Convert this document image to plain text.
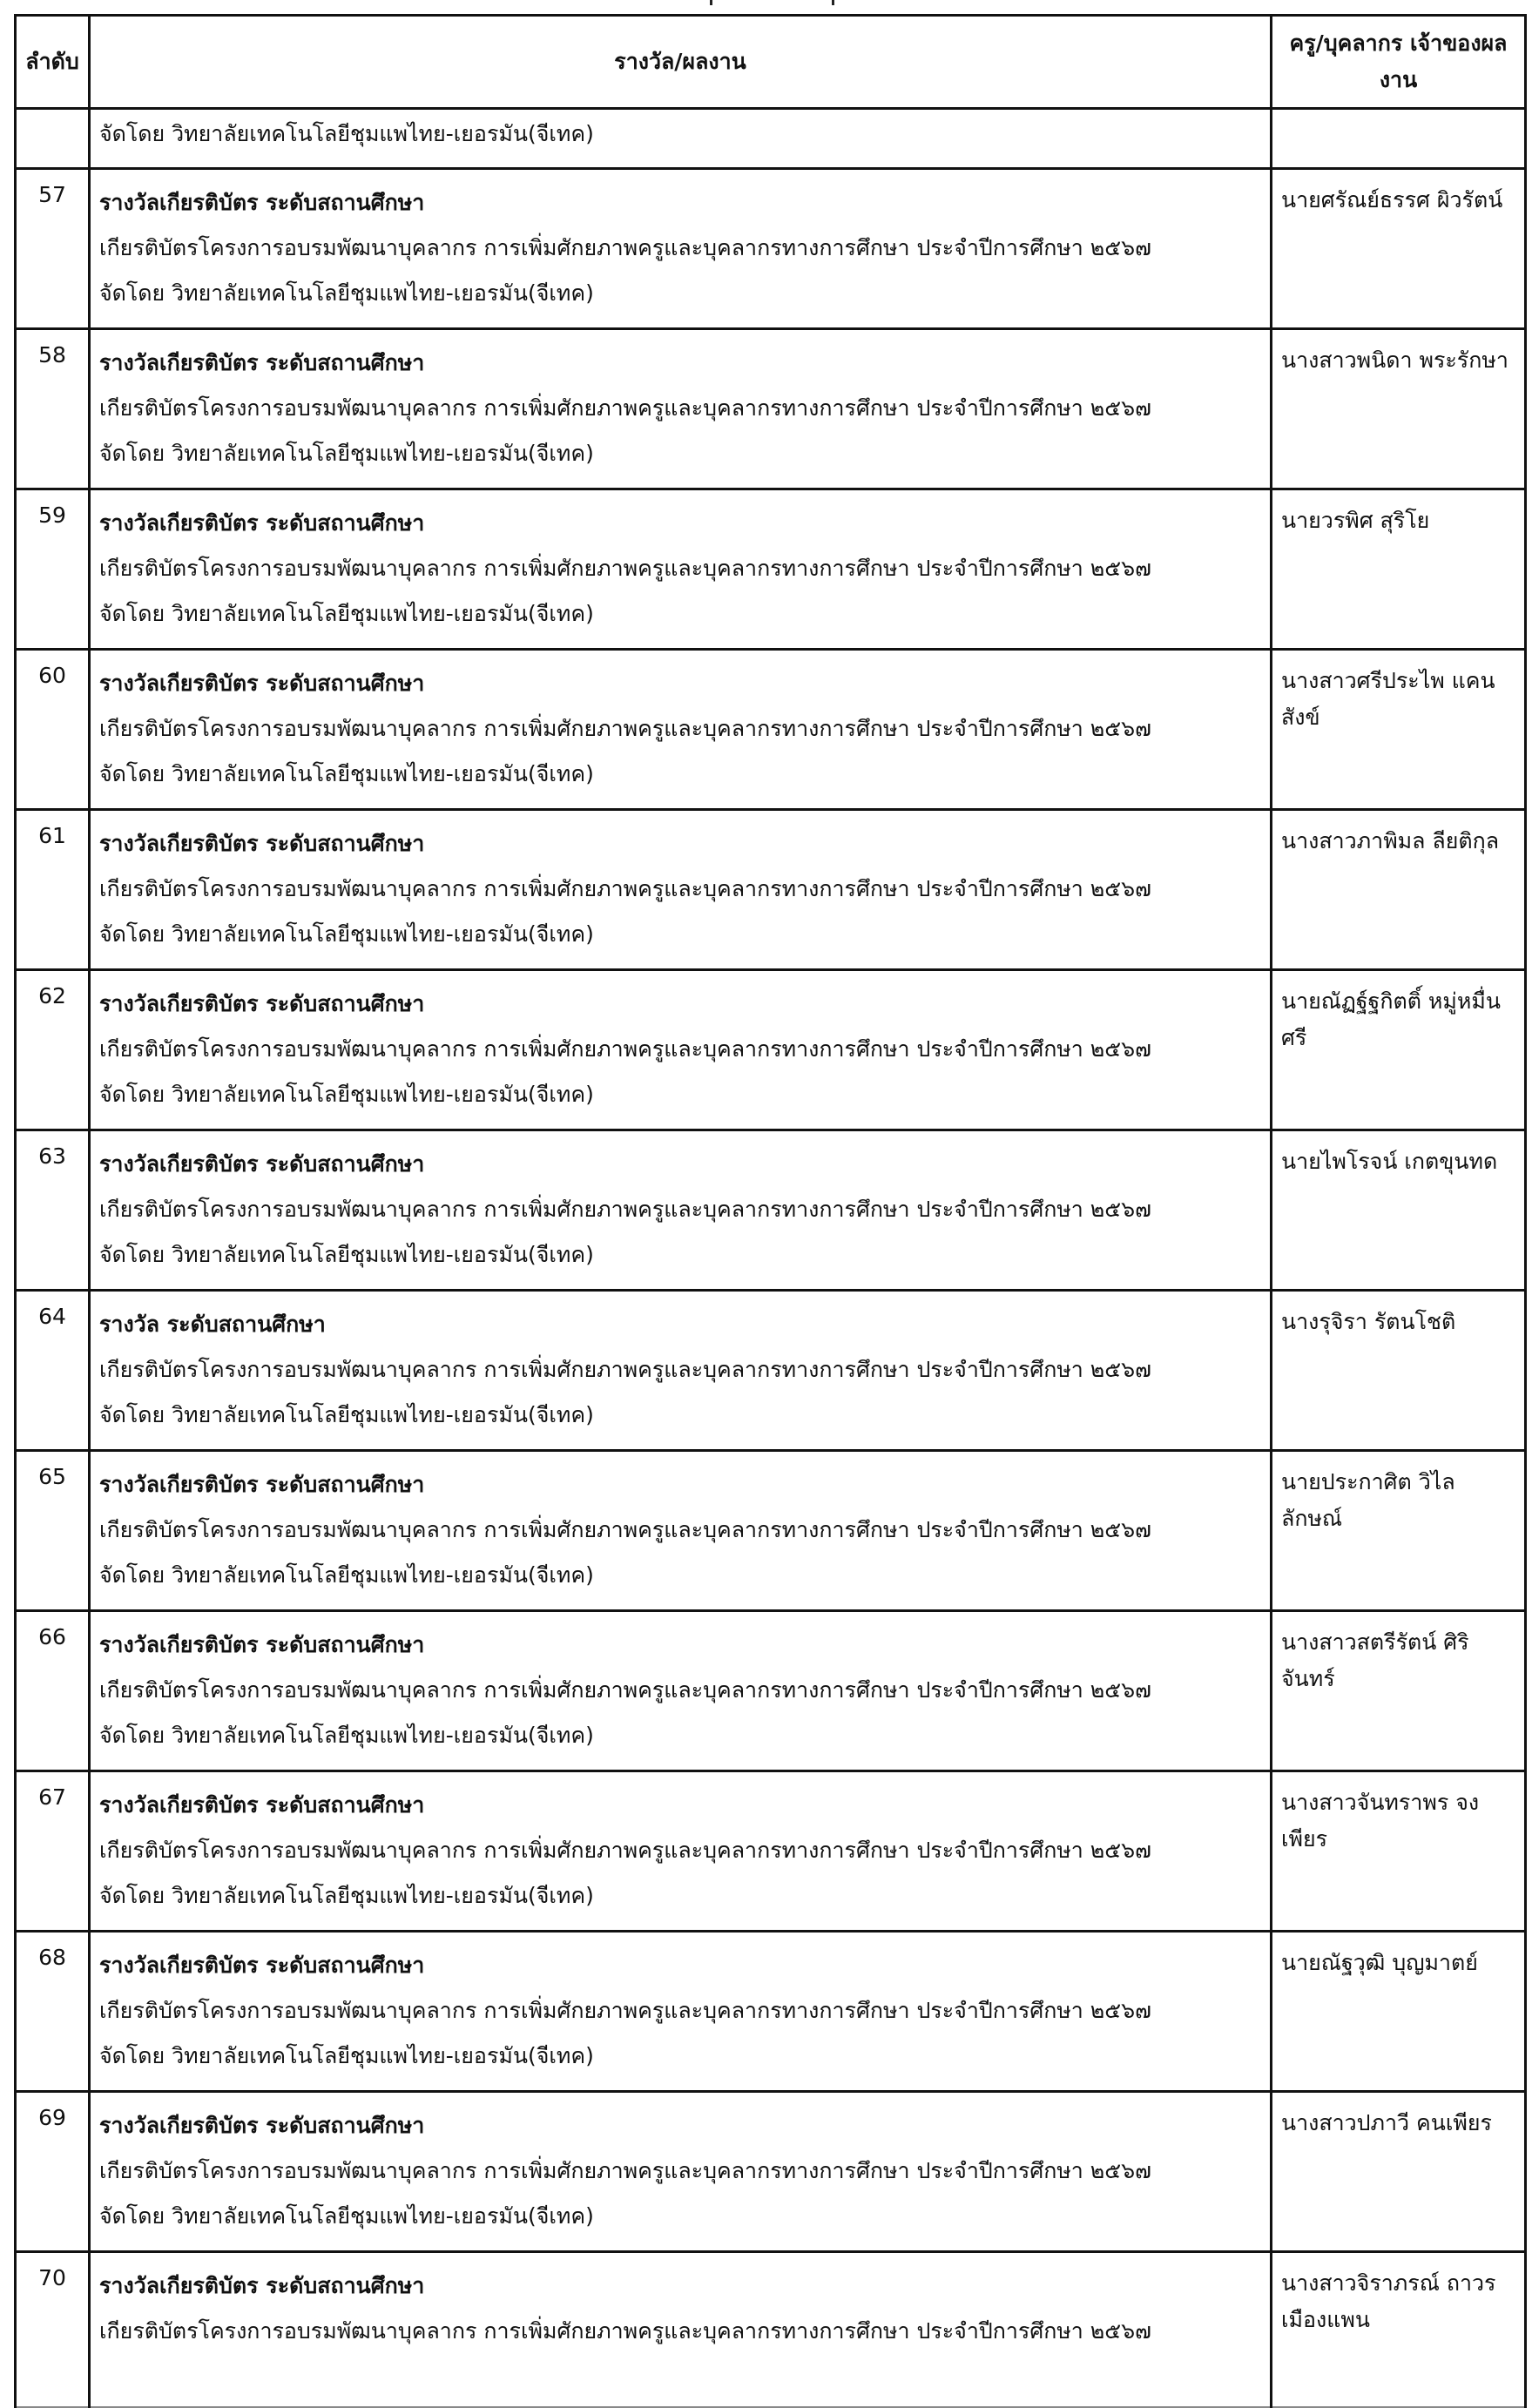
ลำดับ	รางวัล/ผลงาน	ครู/บุคลากร เจ้าของผลงาน

	จัดโดย วิทยาลัยเทคโนโลยีชุมแพไทย-เยอรมัน(จีเทค)	

57	รางวัลเกียรติบัตร ระดับสถานศึกษา
เกียรติบัตรโครงการอบรมพัฒนาบุคลากร การเพิ่มศักยภาพครูและบุคลากรทางการศึกษา ประจำปีการศึกษา ๒๕๖๗
จัดโดย วิทยาลัยเทคโนโลยีชุมแพไทย-เยอรมัน(จีเทค)	นายศรัณย์ธรรศ ผิวรัตน์
58	รางวัลเกียรติบัตร ระดับสถานศึกษา
เกียรติบัตรโครงการอบรมพัฒนาบุคลากร การเพิ่มศักยภาพครูและบุคลากรทางการศึกษา ประจำปีการศึกษา ๒๕๖๗
จัดโดย วิทยาลัยเทคโนโลยีชุมแพไทย-เยอรมัน(จีเทค)	นางสาวพนิดา พระรักษา
59	รางวัลเกียรติบัตร ระดับสถานศึกษา
เกียรติบัตรโครงการอบรมพัฒนาบุคลากร การเพิ่มศักยภาพครูและบุคลากรทางการศึกษา ประจำปีการศึกษา ๒๕๖๗
จัดโดย วิทยาลัยเทคโนโลยีชุมแพไทย-เยอรมัน(จีเทค)	นายวรพิศ สุริโย
60	รางวัลเกียรติบัตร ระดับสถานศึกษา
เกียรติบัตรโครงการอบรมพัฒนาบุคลากร การเพิ่มศักยภาพครูและบุคลากรทางการศึกษา ประจำปีการศึกษา ๒๕๖๗
จัดโดย วิทยาลัยเทคโนโลยีชุมแพไทย-เยอรมัน(จีเทค)	นางสาวศรีประไพ แคนสังข์
61	รางวัลเกียรติบัตร ระดับสถานศึกษา
เกียรติบัตรโครงการอบรมพัฒนาบุคลากร การเพิ่มศักยภาพครูและบุคลากรทางการศึกษา ประจำปีการศึกษา ๒๕๖๗
จัดโดย วิทยาลัยเทคโนโลยีชุมแพไทย-เยอรมัน(จีเทค)	นางสาวภาพิมล ลียติกุล
62	รางวัลเกียรติบัตร ระดับสถานศึกษา
เกียรติบัตรโครงการอบรมพัฒนาบุคลากร การเพิ่มศักยภาพครูและบุคลากรทางการศึกษา ประจำปีการศึกษา ๒๕๖๗
จัดโดย วิทยาลัยเทคโนโลยีชุมแพไทย-เยอรมัน(จีเทค)	นายณัฏฐ์ฐกิตติ์ หมู่หมื่นศรี
63	รางวัลเกียรติบัตร ระดับสถานศึกษา
เกียรติบัตรโครงการอบรมพัฒนาบุคลากร การเพิ่มศักยภาพครูและบุคลากรทางการศึกษา ประจำปีการศึกษา ๒๕๖๗
จัดโดย วิทยาลัยเทคโนโลยีชุมแพไทย-เยอรมัน(จีเทค)	นายไพโรจน์ เกตขุนทด
64	รางวัล ระดับสถานศึกษา
เกียรติบัตรโครงการอบรมพัฒนาบุคลากร การเพิ่มศักยภาพครูและบุคลากรทางการศึกษา ประจำปีการศึกษา ๒๕๖๗
จัดโดย วิทยาลัยเทคโนโลยีชุมแพไทย-เยอรมัน(จีเทค)	นางรุจิรา รัตนโชติ
65	รางวัลเกียรติบัตร ระดับสถานศึกษา
เกียรติบัตรโครงการอบรมพัฒนาบุคลากร การเพิ่มศักยภาพครูและบุคลากรทางการศึกษา ประจำปีการศึกษา ๒๕๖๗
จัดโดย วิทยาลัยเทคโนโลยีชุมแพไทย-เยอรมัน(จีเทค)	นายประกาศิต วิไลลักษณ์
66	รางวัลเกียรติบัตร ระดับสถานศึกษา
เกียรติบัตรโครงการอบรมพัฒนาบุคลากร การเพิ่มศักยภาพครูและบุคลากรทางการศึกษา ประจำปีการศึกษา ๒๕๖๗
จัดโดย วิทยาลัยเทคโนโลยีชุมแพไทย-เยอรมัน(จีเทค)	นางสาวสตรีรัตน์ ศิริจันทร์
67	รางวัลเกียรติบัตร ระดับสถานศึกษา
เกียรติบัตรโครงการอบรมพัฒนาบุคลากร การเพิ่มศักยภาพครูและบุคลากรทางการศึกษา ประจำปีการศึกษา ๒๕๖๗
จัดโดย วิทยาลัยเทคโนโลยีชุมแพไทย-เยอรมัน(จีเทค)	นางสาวจันทราพร จงเพียร
68	รางวัลเกียรติบัตร ระดับสถานศึกษา
เกียรติบัตรโครงการอบรมพัฒนาบุคลากร การเพิ่มศักยภาพครูและบุคลากรทางการศึกษา ประจำปีการศึกษา ๒๕๖๗
จัดโดย วิทยาลัยเทคโนโลยีชุมแพไทย-เยอรมัน(จีเทค)	นายณัฐวุฒิ บุญมาตย์
69	รางวัลเกียรติบัตร ระดับสถานศึกษา
เกียรติบัตรโครงการอบรมพัฒนาบุคลากร การเพิ่มศักยภาพครูและบุคลากรทางการศึกษา ประจำปีการศึกษา ๒๕๖๗
จัดโดย วิทยาลัยเทคโนโลยีชุมแพไทย-เยอรมัน(จีเทค)	นางสาวปภาวี คนเพียร
70	รางวัลเกียรติบัตร ระดับสถานศึกษา
เกียรติบัตรโครงการอบรมพัฒนาบุคลากร การเพิ่มศักยภาพครูและบุคลากรทางการศึกษา ประจำปีการศึกษา ๒๕๖๗	นางสาวจิราภรณ์ ถาวรเมืองแพน
